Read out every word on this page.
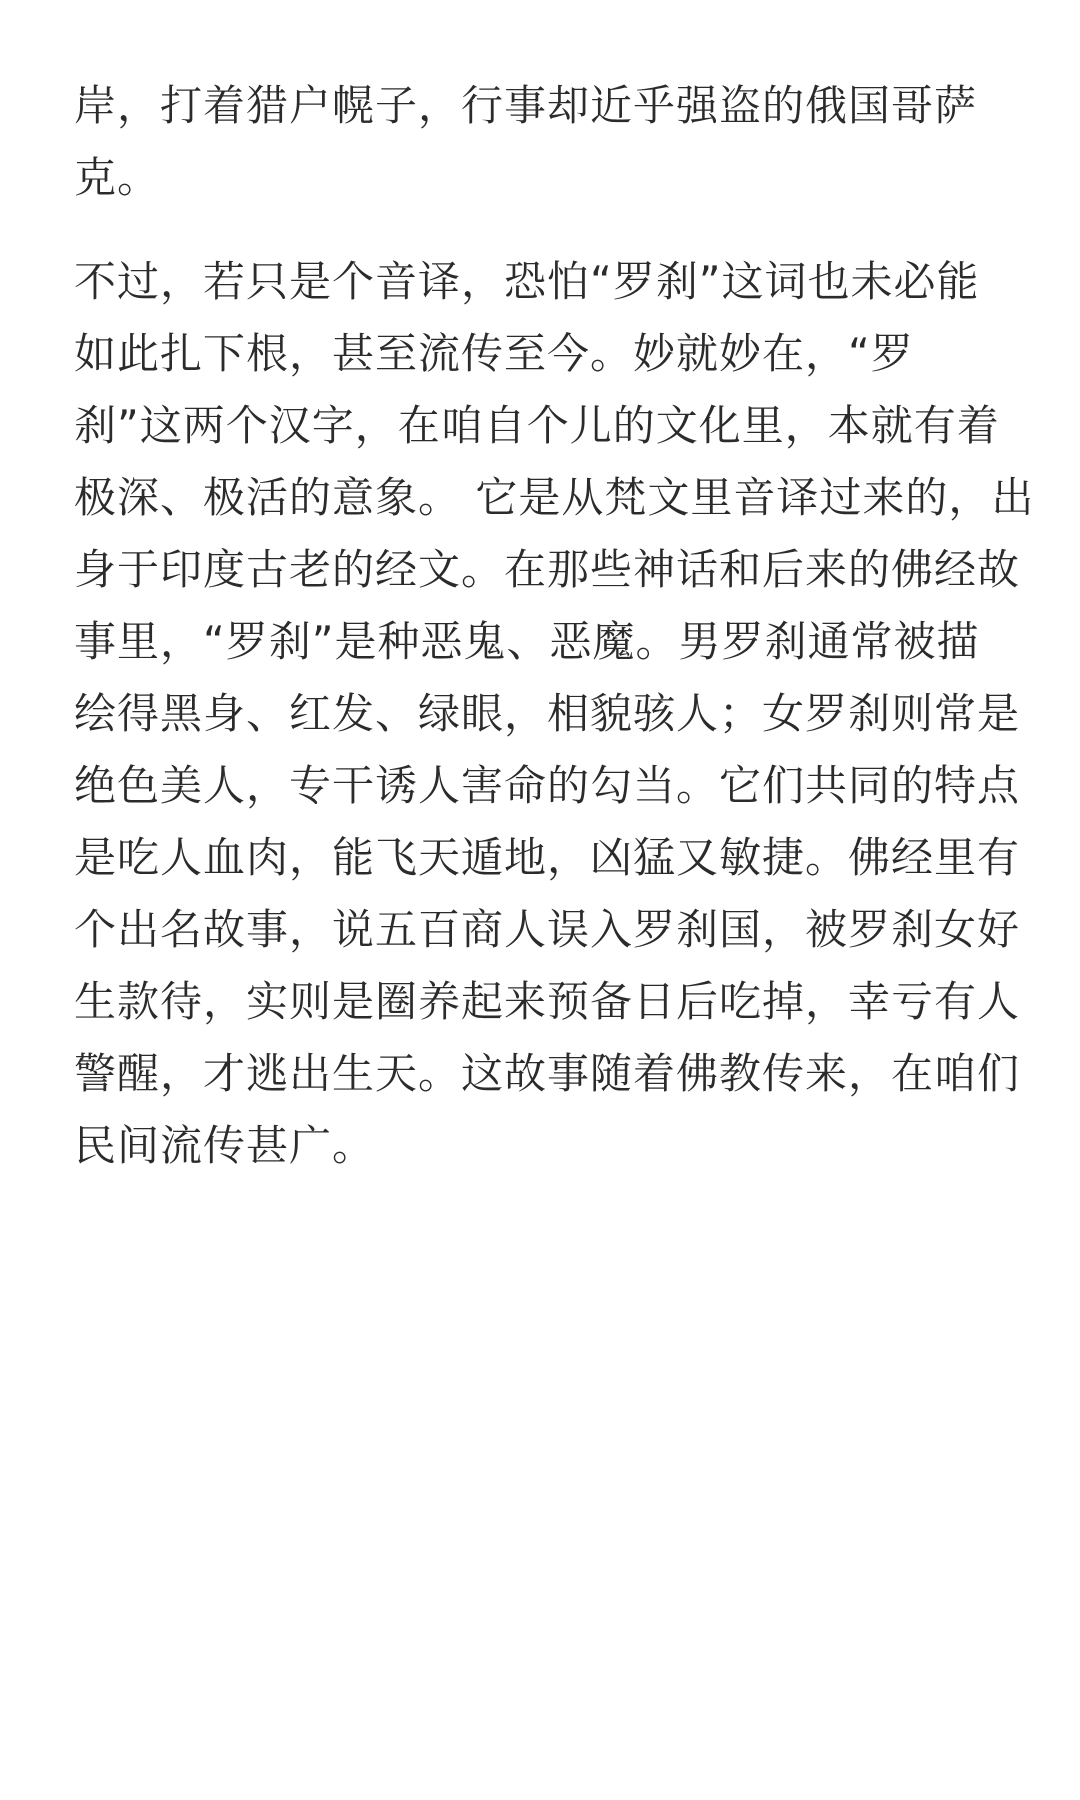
岸，打着猎户幌子，行事却近乎强盗的俄国哥萨
克。

不过，若只是个音译，恐怕“罗刹”这词也未必能
如此扎下根，甚至流传至今。妙就妙在，“罗
刹”这两个汉字，在咱自个儿的文化里，本就有着
极深、极活的意象。 它是从梵文里音译过来的，出
身于印度古老的经文。在那些神话和后来的佛经故
事里，“罗刹”是种恶鬼、恶魔。男罗刹通常被描
绘得黑身、红发、绿眼，相貌骇人；女罗刹则常是
绝色美人，专干诱人害命的勾当。它们共同的特点
是吃人血肉，能飞天遁地，凶猛又敏捷。佛经里有
个出名故事，说五百商人误入罗刹国，被罗刹女好
生款待，实则是圈养起来预备日后吃掉，幸亏有人
警醒，才逃出生天。这故事随着佛教传来，在咱们
民间流传甚广。
